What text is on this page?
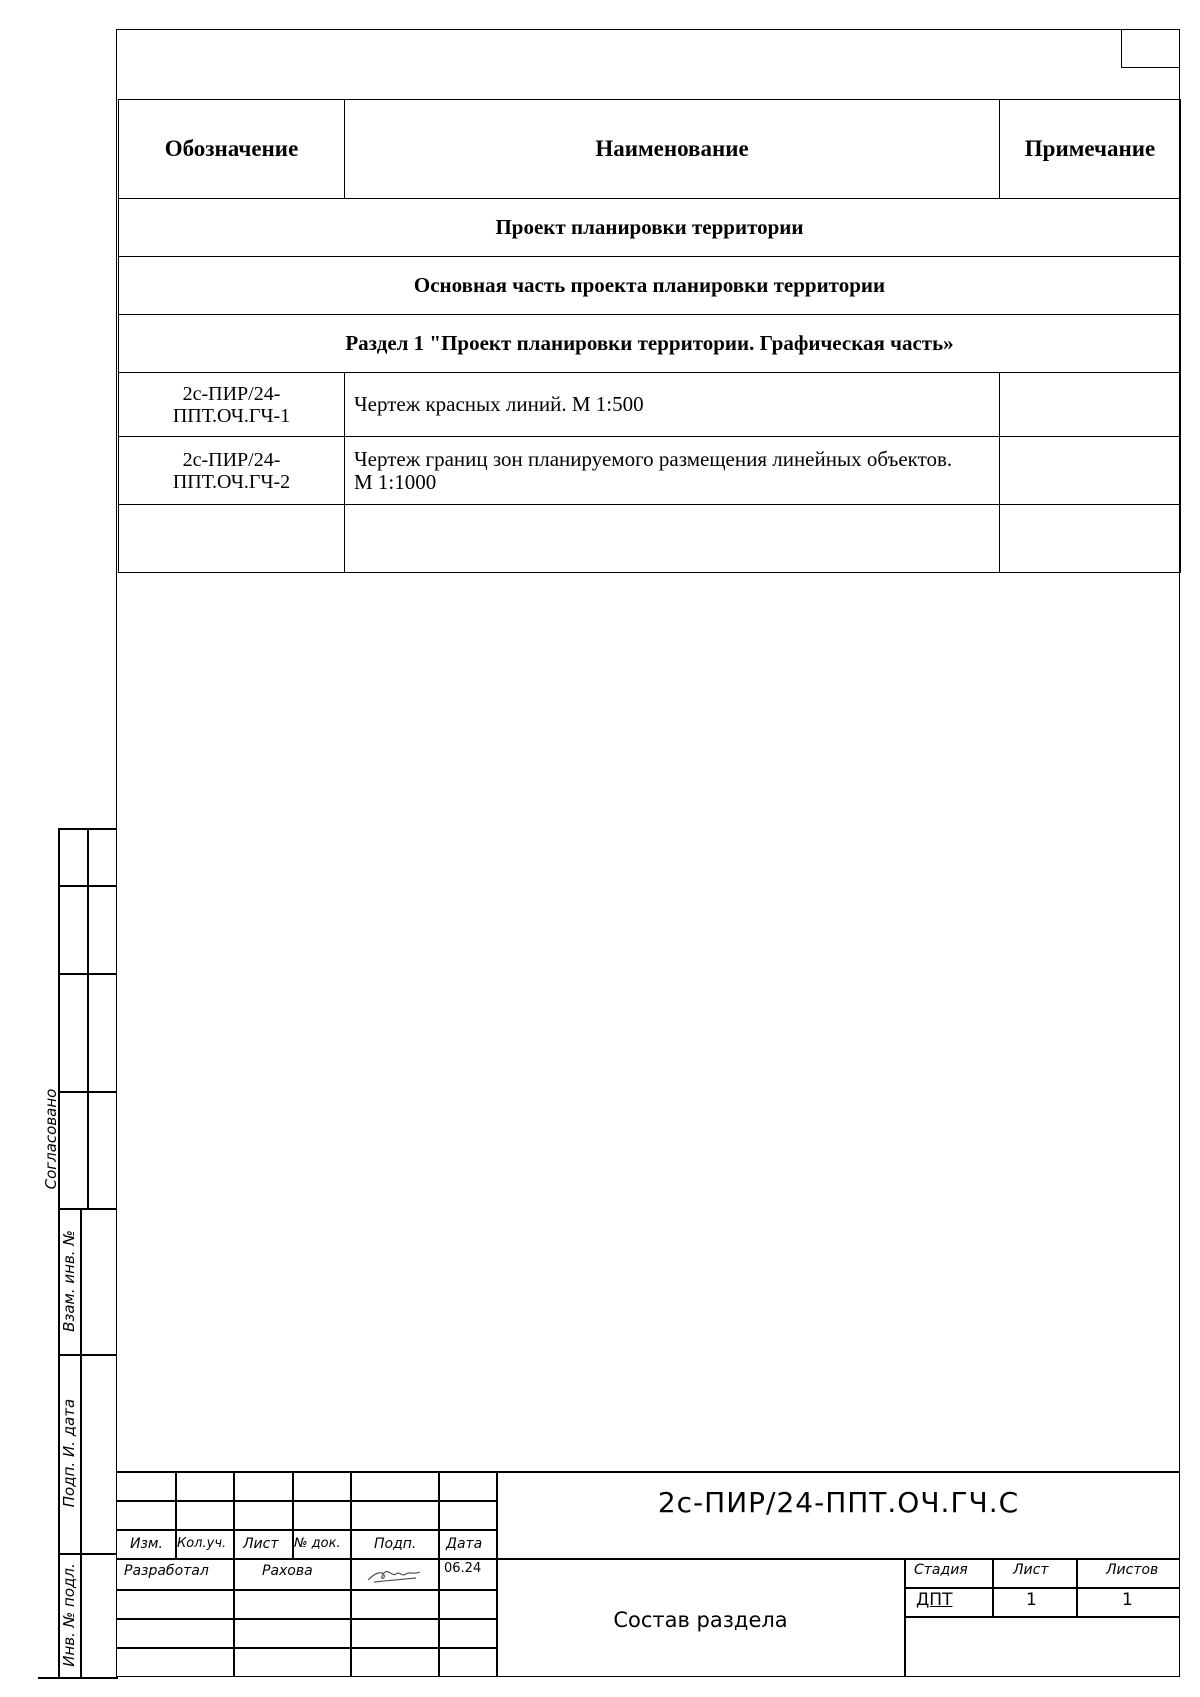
Обозначение	Наименование	Примечание
Проект планировки территории		
Основная часть проекта планировки территории		
Раздел 1 "Проект планировки территории. Графическая часть»		
2с-ПИР/24-
ППТ.ОЧ.ГЧ-1	Чертеж красных линий. М 1:500	
2с-ПИР/24-
ППТ.ОЧ.ГЧ-2	Чертеж границ зон планируемого размещения линейных объектов. М 1:1000	

Согласовано
Взам. инв. №
Подп. И. дата
Инв. № подл.
Изм. Кол.уч. Лист № док. Подп. Дата
Разработал	Рахова	06.24
2с-ПИР/24-ППТ.ОЧ.ГЧ.С
Состав раздела
Стадия	Лист	Листов
ДПТ	1	1
